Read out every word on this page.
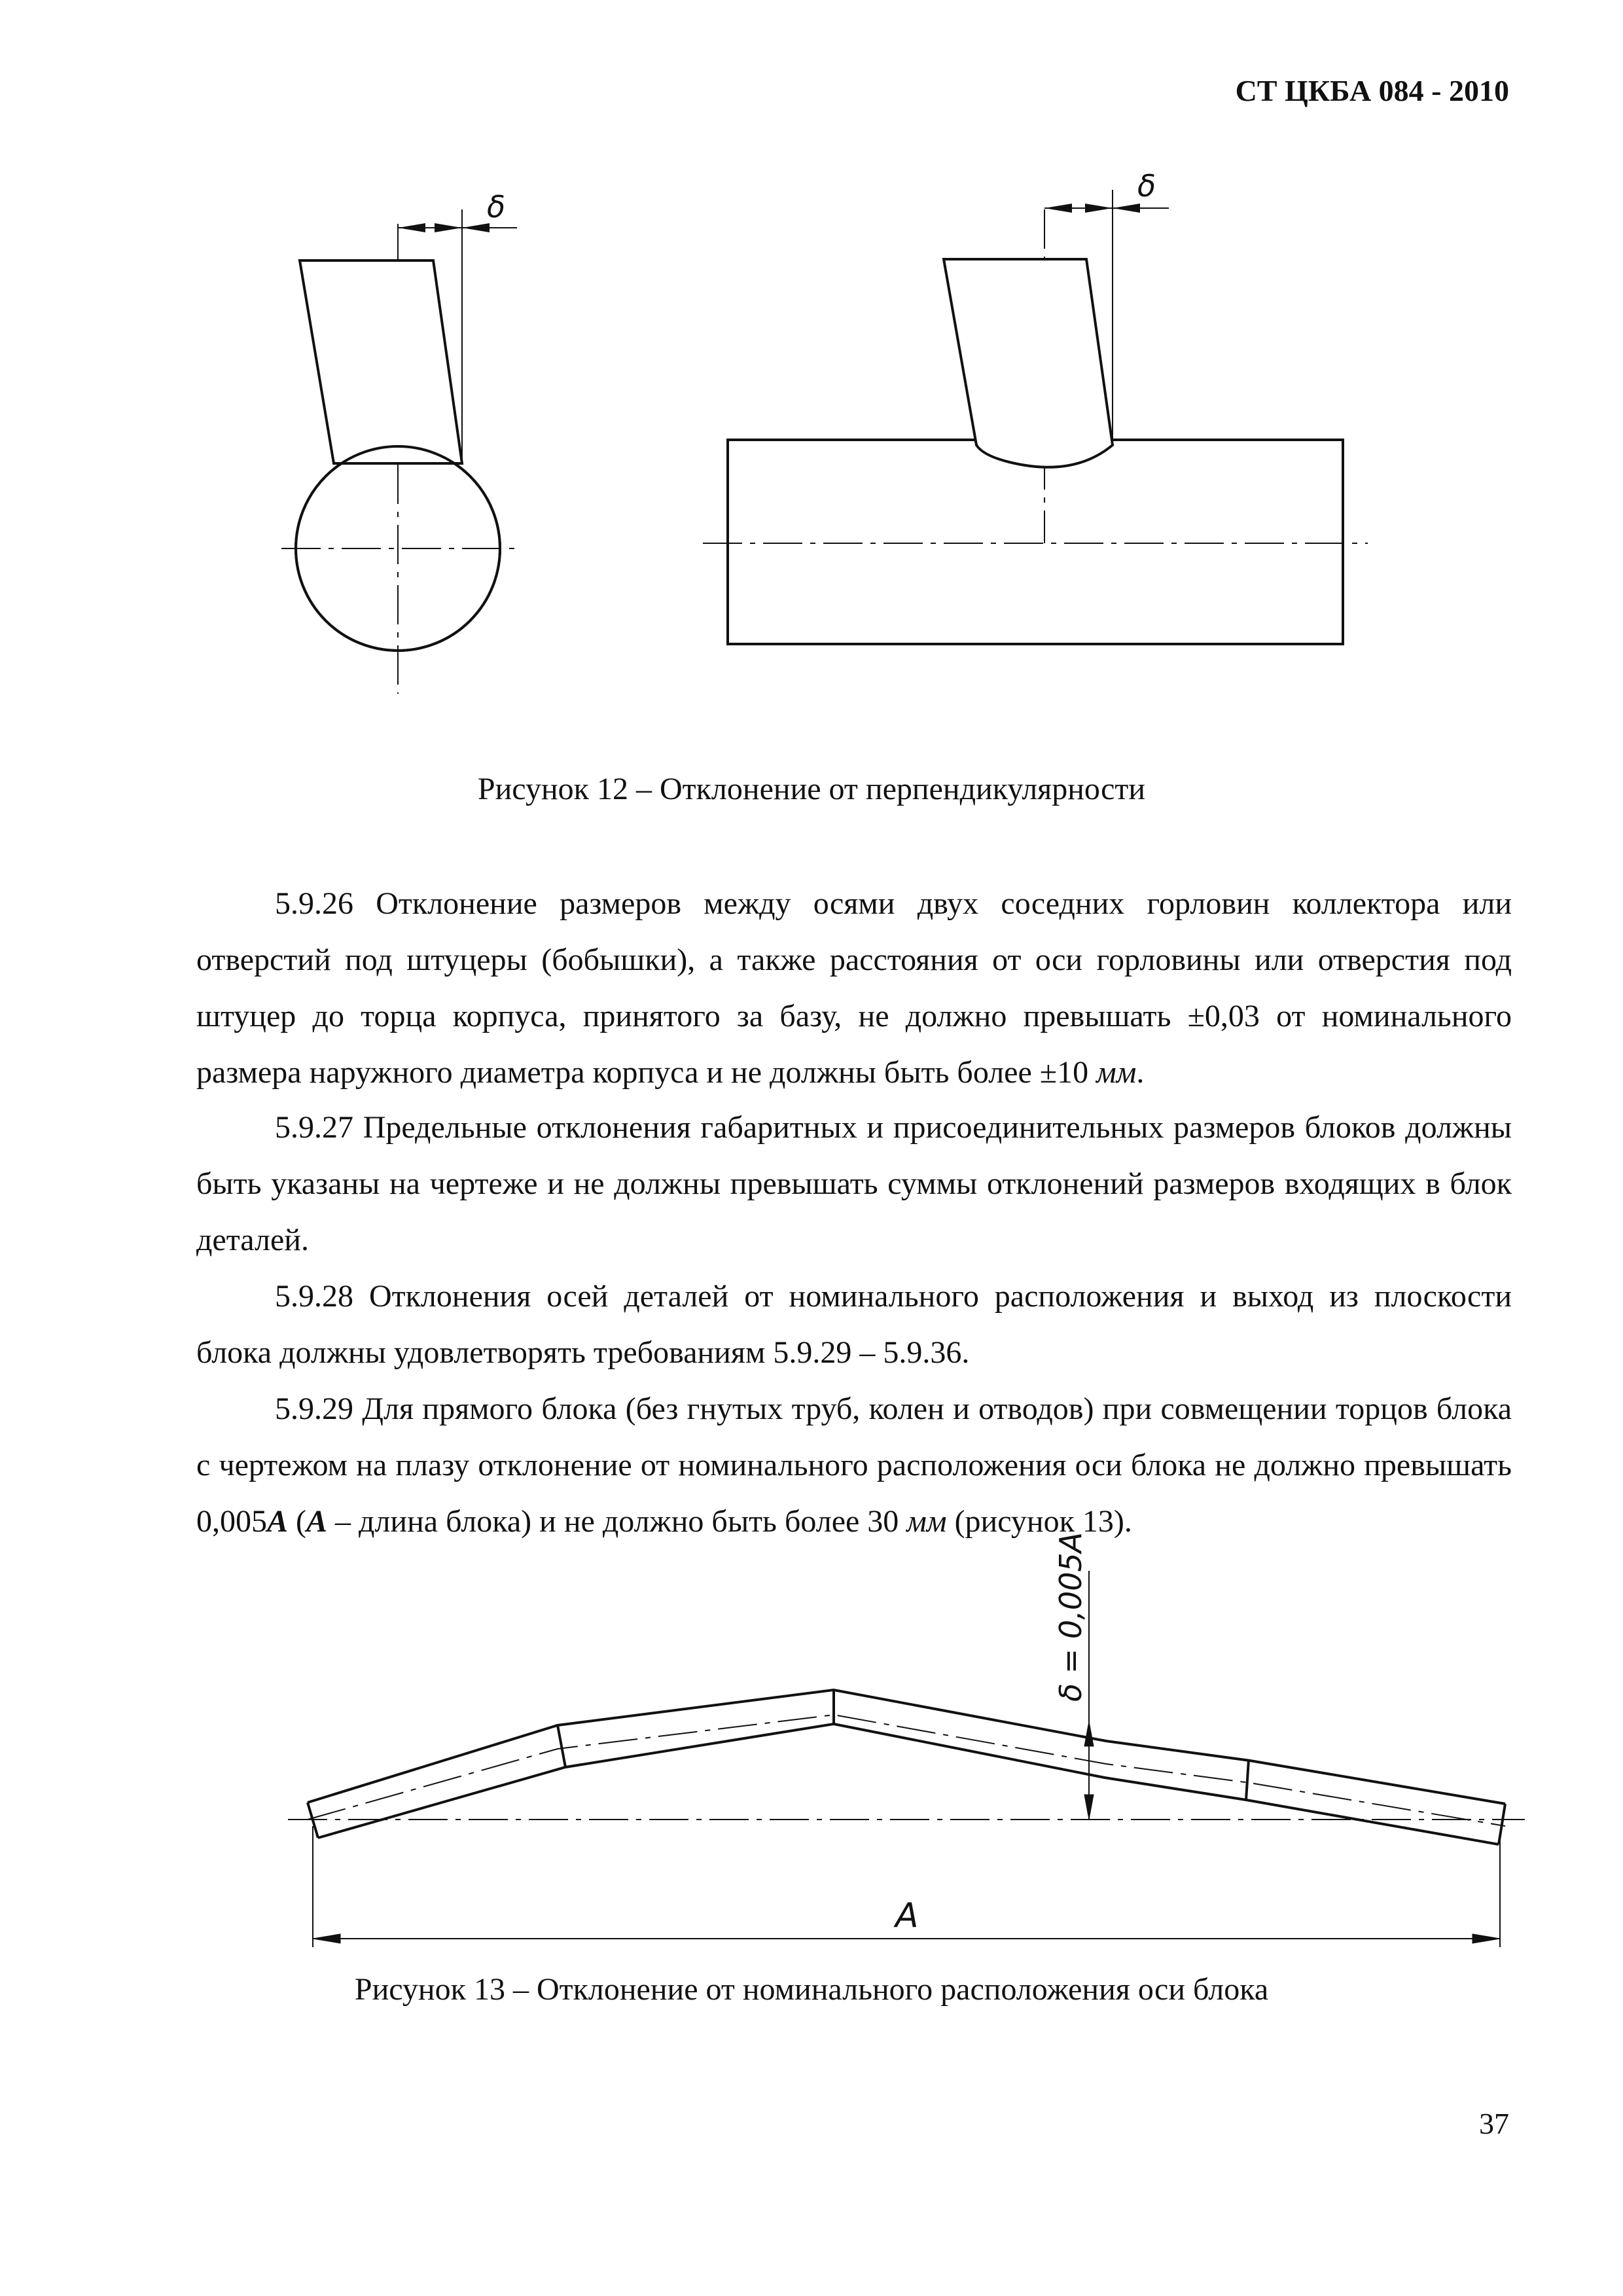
СТ ЦКБА 084 - 2010
δ
δ
Рисунок 12 – Отклонение от перпендикулярности

5.9.26 Отклонение размеров между осями двух соседних горловин коллектора или отверстий под штуцеры (бобышки), а также расстояния от оси горловины или отверстия под штуцер до торца корпуса, принятого за базу, не должно превышать ±0,03 от номинального размера наружного диаметра корпуса и не должны быть более ±10 мм.

5.9.27 Предельные отклонения габаритных и присоединительных размеров блоков должны быть указаны на чертеже и не должны превышать суммы отклонений размеров входящих в блок деталей.

5.9.28 Отклонения осей деталей от номинального расположения и выход из плоскости блока должны удовлетворять требованиям 5.9.29 – 5.9.36.

5.9.29 Для прямого блока (без гнутых труб, колен и отводов) при совмещении торцов блока с чертежом на плазу отклонение от номинального расположения оси блока не должно превышать 0,005A (A – длина блока) и не должно быть более 30 мм (рисунок 13).

δ = 0,005A
A
Рисунок 13 – Отклонение от номинального расположения оси блока
37
